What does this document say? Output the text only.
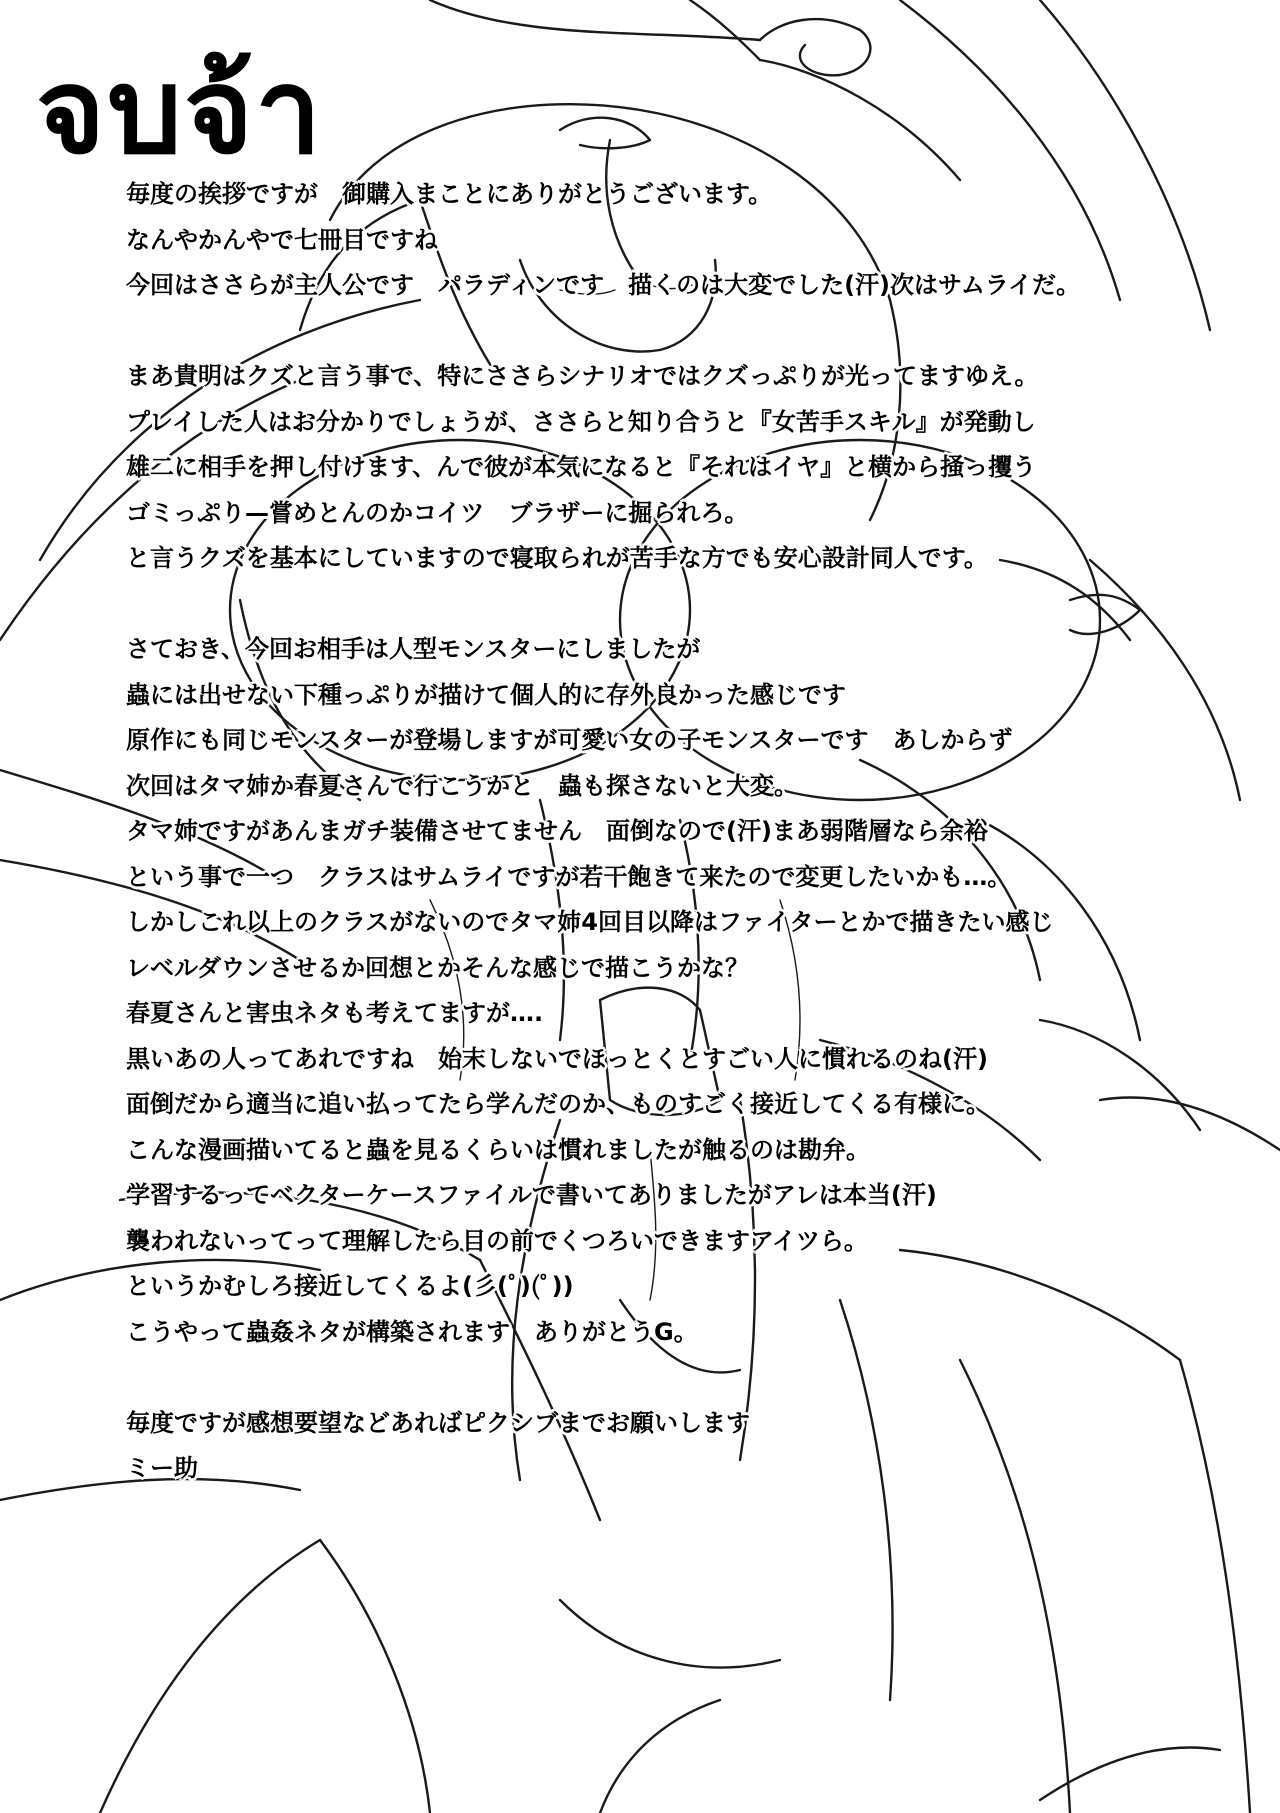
จบจ้า
毎度の挨拶ですが　御購入まことにありがとうございます。
なんやかんやで七冊目ですね
今回はささらが主人公です　パラディンです　描くのは大変でした(汗)次はサムライだ。
まあ貴明はクズと言う事で、特にささらシナリオではクズっぷりが光ってますゆえ。
プレイした人はお分かりでしょうが、ささらと知り合うと『女苦手スキル』が発動し
雄二に相手を押し付けます、んで彼が本気になると『それはイヤ』と横から掻っ攫う
ゴミっぷり—嘗めとんのかコイツ　ブラザーに掘られろ。
と言うクズを基本にしていますので寝取られが苦手な方でも安心設計同人です。
さておき、今回お相手は人型モンスターにしましたが
蟲には出せない下種っぷりが描けて個人的に存外良かった感じです
原作にも同じモンスターが登場しますが可愛い女の子モンスターです　あしからず
次回はタマ姉か春夏さんで行こうかと　蟲も探さないと大変。
タマ姉ですがあんまガチ装備させてません　面倒なので(汗)まあ弱階層なら余裕
という事で一つ　クラスはサムライですが若干飽きて来たので変更したいかも…。
しかしこれ以上のクラスがないのでタマ姉4回目以降はファイターとかで描きたい感じ
レベルダウンさせるか回想とかそんな感じで描こうかな？
春夏さんと害虫ネタも考えてますが….
黒いあの人ってあれですね　始末しないでほっとくとすごい人に慣れるのね(汗)
面倒だから適当に追い払ってたら学んだのか、ものすごく接近してくる有様に。
こんな漫画描いてると蟲を見るくらいは慣れましたが触るのは勘弁。
学習するってベクターケースファイルで書いてありましたがアレは本当(汗)
襲われないってって理解したら目の前でくつろいできますアイツら。
というかむしろ接近してくるよ(彡(ﾟ)(ﾟ))
こうやって蟲姦ネタが構築されます　ありがとうG。
毎度ですが感想要望などあればピクシブまでお願いします
ミー助
